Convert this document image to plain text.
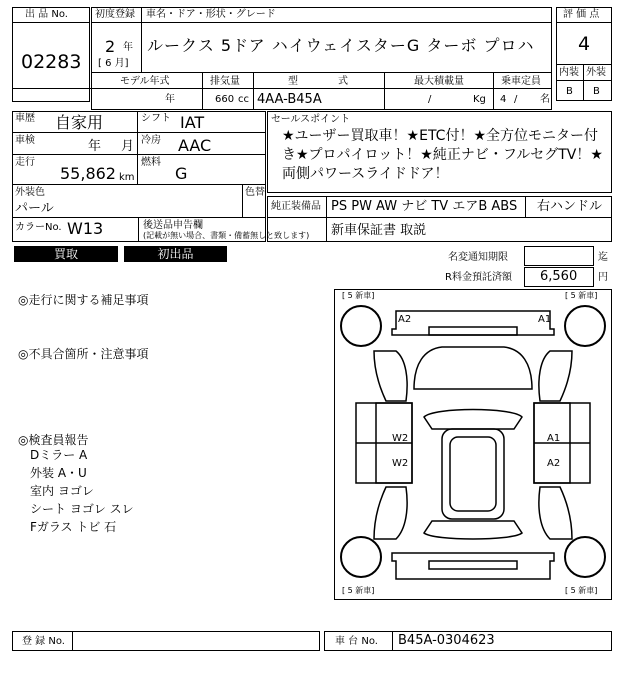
出 品 No.
02283
初度登録
2 年
[ 6 月]
車名・ドア・形状・グレード
ルークス 5ドア ハイウェイスターG ターボ プロハ
モデル年式
年
排気量
660 cc
型　　　　式
4AA-B45A
最大積載量
/	Kg
乗車定員
4 / 名
評 価 点
4
内装 外装
B B
車歴 自家用	シフト IAT
車検	年 月 冷房 AAC
走行
55,862 km
燃料
G
外装色
パール
色替
カラーNo. W13	後送品申告欄
(記載が無い場合、書類・備蓄無しと致します)
セールスポイント
★ユーザー買取車！★ETC付！★全方位モニター付き★プロパイロット！★純正ナビ・フルセグTV！★両側パワースライドドア！
純正装備品 PS PW AW ナビ TV エアB ABS 右ハンドル
新車保証書 取説
買取	初出品	名変通知期限	迄
R料金預託済額 6,560 円
◎走行に関する補足事項
◎不具合箇所・注意事項
◎検査員報告
Dミラー A
外装 A・U
室内 ヨゴレ
シート ヨゴレ スレ
Fガラス トビ 石
[ 5 新車]	[ 5 新車]
[ 5 新車]	[ 5 新車]
A2	A1
W2	A1
W2	A2
登 録 No.	車 台 No. B45A-0304623
